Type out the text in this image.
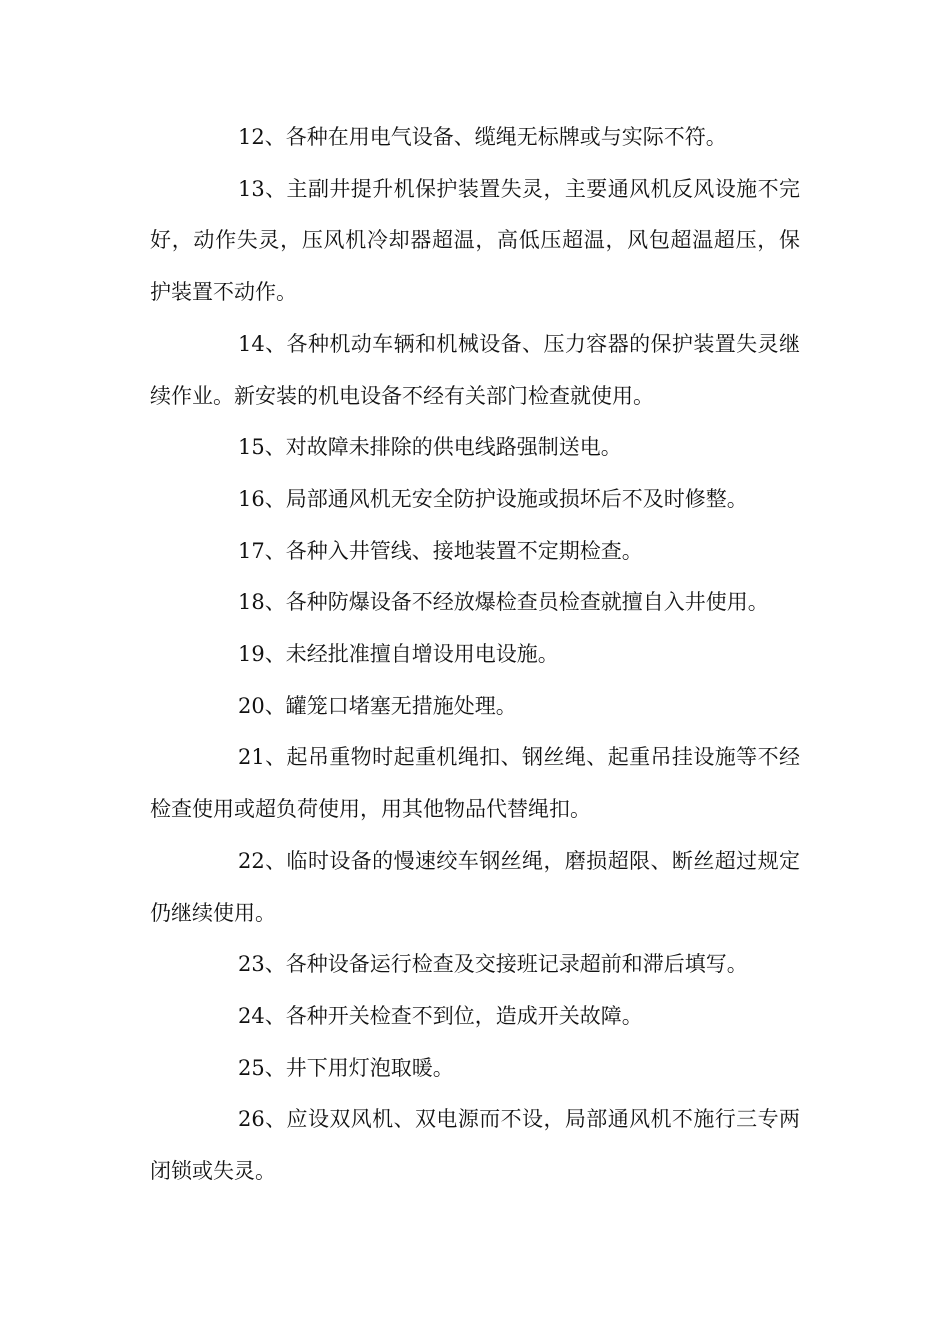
12、各种在用电气设备、缆绳无标牌或与实际不符。

13、主副井提升机保护装置失灵，主要通风机反风设施不完好，动作失灵，压风机冷却器超温，高低压超温，风包超温超压，保护装置不动作。

14、各种机动车辆和机械设备、压力容器的保护装置失灵继续作业。新安装的机电设备不经有关部门检查就使用。

15、对故障未排除的供电线路强制送电。

16、局部通风机无安全防护设施或损坏后不及时修整。

17、各种入井管线、接地装置不定期检查。

18、各种防爆设备不经放爆检查员检查就擅自入井使用。

19、未经批准擅自增设用电设施。

20、罐笼口堵塞无措施处理。

21、起吊重物时起重机绳扣、钢丝绳、起重吊挂设施等不经检查使用或超负荷使用，用其他物品代替绳扣。

22、临时设备的慢速绞车钢丝绳，磨损超限、断丝超过规定仍继续使用。

23、各种设备运行检查及交接班记录超前和滞后填写。

24、各种开关检查不到位，造成开关故障。

25、井下用灯泡取暖。

26、应设双风机、双电源而不设，局部通风机不施行三专两闭锁或失灵。
